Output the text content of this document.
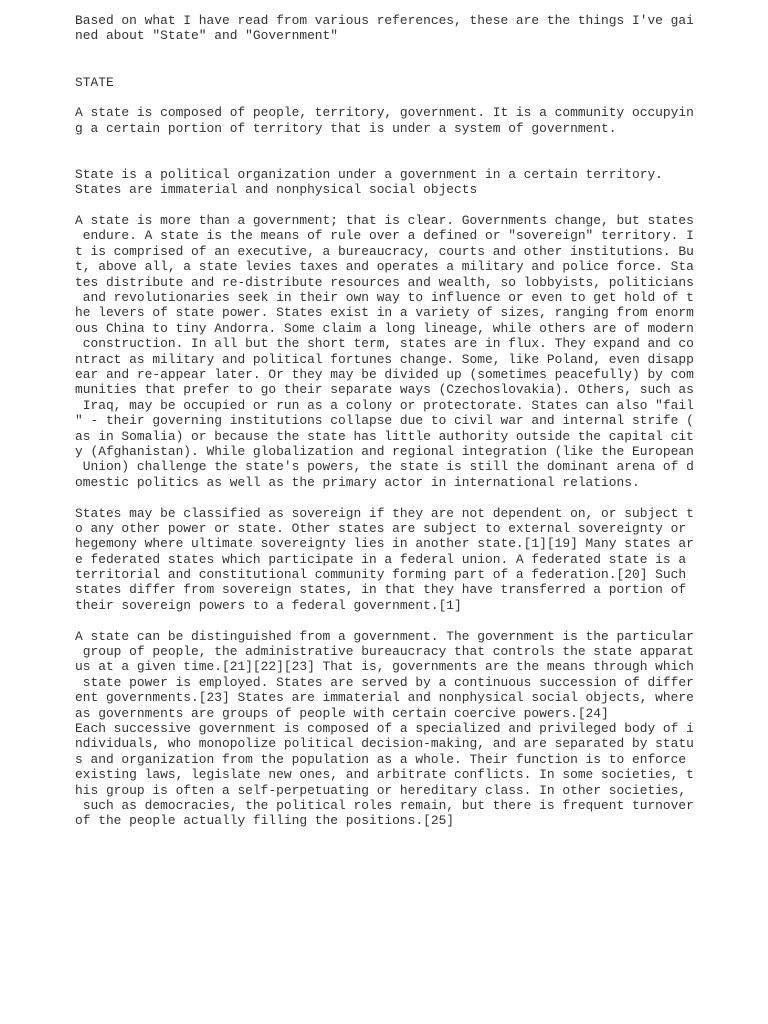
Based on what I have read from various references, these are the things I've gai
ned about "State" and "Government"
STATE
A state is composed of people, territory, government. It is a community occupyin
g a certain portion of territory that is under a system of government.
State is a political organization under a government in a certain territory.
States are immaterial and nonphysical social objects
A state is more than a government; that is clear. Governments change, but states
endure. A state is the means of rule over a defined or "sovereign" territory. I
t is comprised of an executive, a bureaucracy, courts and other institutions. Bu
t, above all, a state levies taxes and operates a military and police force. Sta
tes distribute and re-distribute resources and wealth, so lobbyists, politicians
and revolutionaries seek in their own way to influence or even to get hold of t
he levers of state power. States exist in a variety of sizes, ranging from enorm
ous China to tiny Andorra. Some claim a long lineage, while others are of modern
construction. In all but the short term, states are in flux. They expand and co
ntract as military and political fortunes change. Some, like Poland, even disapp
ear and re-appear later. Or they may be divided up (sometimes peacefully) by com
munities that prefer to go their separate ways (Czechoslovakia). Others, such as
Iraq, may be occupied or run as a colony or protectorate. States can also "fail
" - their governing institutions collapse due to civil war and internal strife (
as in Somalia) or because the state has little authority outside the capital cit
y (Afghanistan). While globalization and regional integration (like the European
Union) challenge the state's powers, the state is still the dominant arena of d
omestic politics as well as the primary actor in international relations.
States may be classified as sovereign if they are not dependent on, or subject t
o any other power or state. Other states are subject to external sovereignty or
hegemony where ultimate sovereignty lies in another state.[1][19] Many states ar
e federated states which participate in a federal union. A federated state is a
territorial and constitutional community forming part of a federation.[20] Such
states differ from sovereign states, in that they have transferred a portion of
their sovereign powers to a federal government.[1]
A state can be distinguished from a government. The government is the particular
group of people, the administrative bureaucracy that controls the state apparat
us at a given time.[21][22][23] That is, governments are the means through which
state power is employed. States are served by a continuous succession of differ
ent governments.[23] States are immaterial and nonphysical social objects, where
as governments are groups of people with certain coercive powers.[24]
Each successive government is composed of a specialized and privileged body of i
ndividuals, who monopolize political decision-making, and are separated by statu
s and organization from the population as a whole. Their function is to enforce
existing laws, legislate new ones, and arbitrate conflicts. In some societies, t
his group is often a self-perpetuating or hereditary class. In other societies,
such as democracies, the political roles remain, but there is frequent turnover
of the people actually filling the positions.[25]
